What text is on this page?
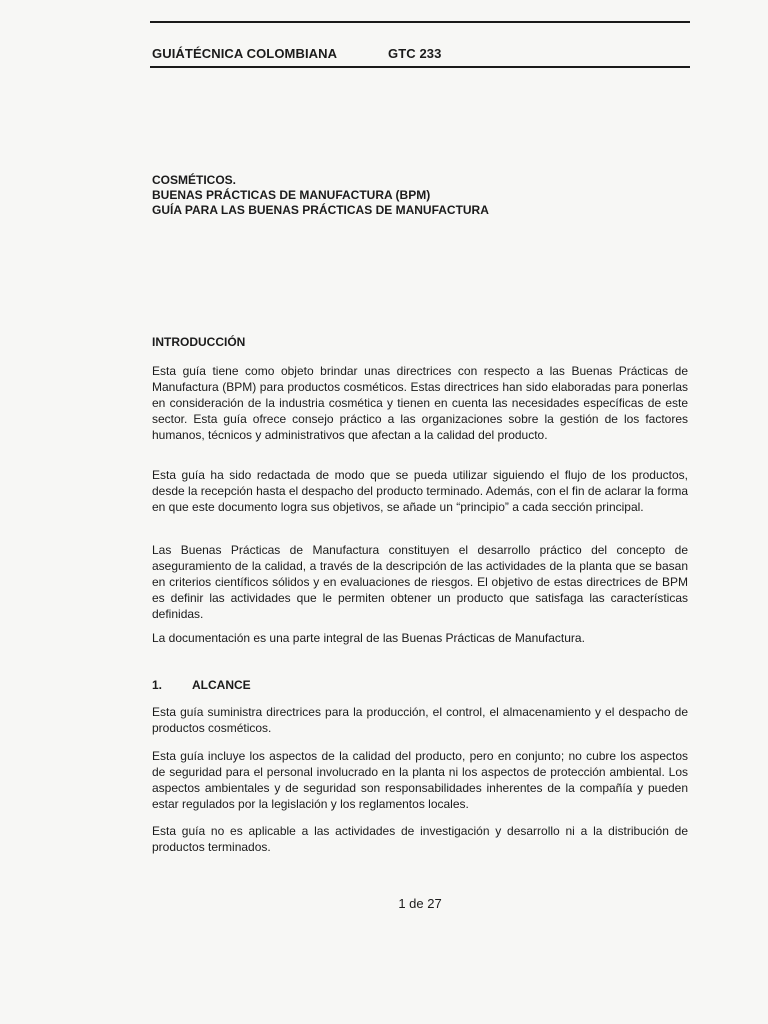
GUIÁTÉCNICA COLOMBIANA	GTC 233
COSMÉTICOS.
BUENAS PRÁCTICAS DE MANUFACTURA (BPM)
GUÍA PARA LAS BUENAS PRÁCTICAS DE MANUFACTURA
INTRODUCCIÓN

Esta guía tiene como objeto brindar unas directrices con respecto a las Buenas Prácticas de Manufactura (BPM) para productos cosméticos. Estas directrices han sido elaboradas para ponerlas en consideración de la industria cosmética y tienen en cuenta las necesidades específicas de este sector. Esta guía ofrece consejo práctico a las organizaciones sobre la gestión de los factores humanos, técnicos y administrativos que afectan a la calidad del producto.

Esta guía ha sido redactada de modo que se pueda utilizar siguiendo el flujo de los productos, desde la recepción hasta el despacho del producto terminado. Además, con el fin de aclarar la forma en que este documento logra sus objetivos, se añade un “principio” a cada sección principal.

Las Buenas Prácticas de Manufactura constituyen el desarrollo práctico del concepto de aseguramiento de la calidad, a través de la descripción de las actividades de la planta que se basan en criterios científicos sólidos y en evaluaciones de riesgos. El objetivo de estas directrices de BPM es definir las actividades que le permiten obtener un producto que satisfaga las características definidas.

La documentación es una parte integral de las Buenas Prácticas de Manufactura.

1. ALCANCE

Esta guía suministra directrices para la producción, el control, el almacenamiento y el despacho de productos cosméticos.

Esta guía incluye los aspectos de la calidad del producto, pero en conjunto; no cubre los aspectos de seguridad para el personal involucrado en la planta ni los aspectos de protección ambiental. Los aspectos ambientales y de seguridad son responsabilidades inherentes de la compañía y pueden estar regulados por la legislación y los reglamentos locales.

Esta guía no es aplicable a las actividades de investigación y desarrollo ni a la distribución de productos terminados.

1 de 27
